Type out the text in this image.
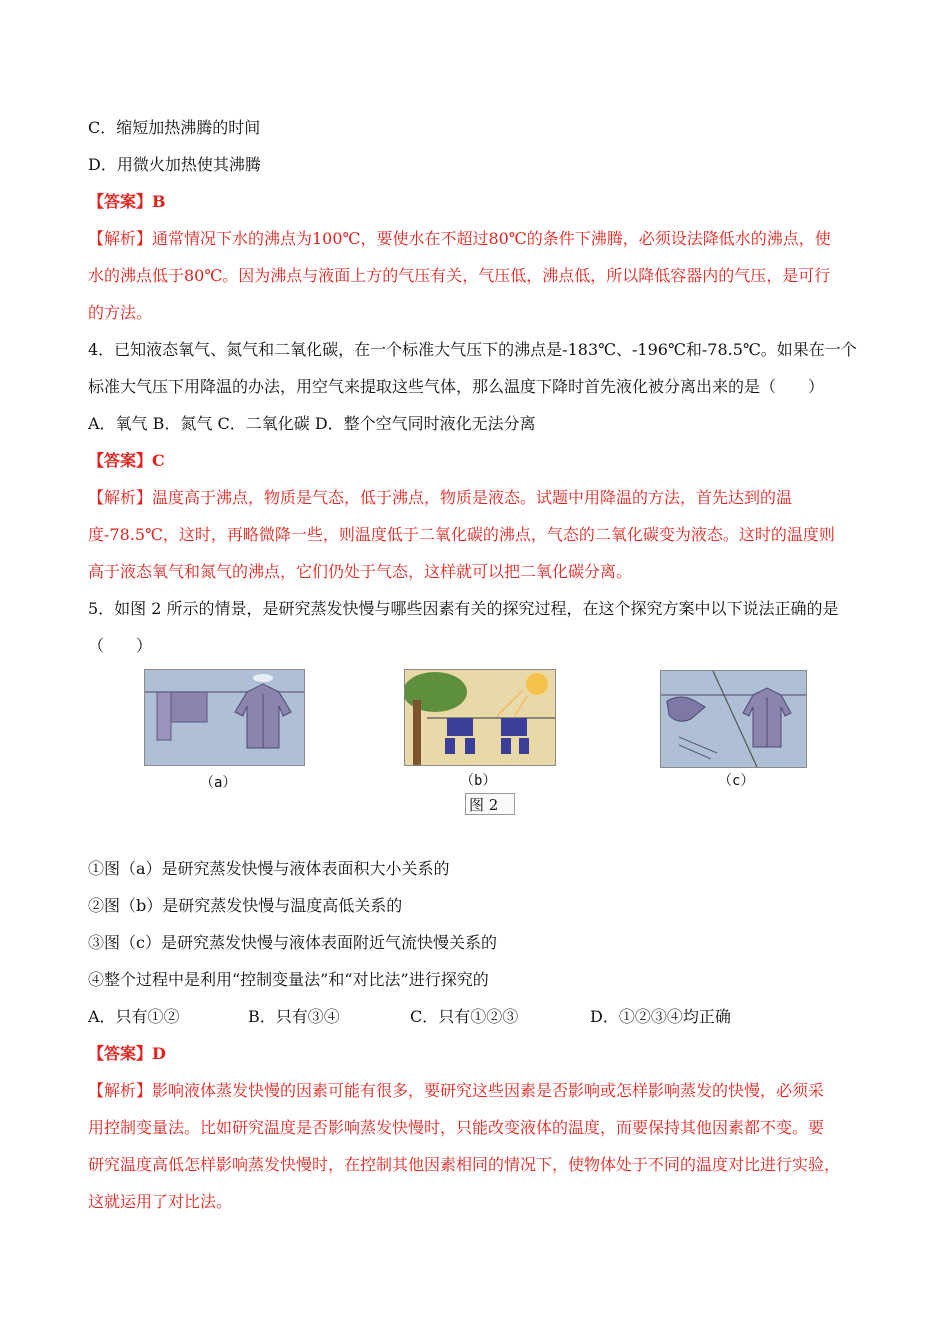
C．缩短加热沸腾的时间
D．用微火加热使其沸腾
【答案】B
【解析】通常情况下水的沸点为100℃，要使水在不超过80℃的条件下沸腾，必须设法降低水的沸点，使
水的沸点低于80℃。因为沸点与液面上方的气压有关，气压低，沸点低，所以降低容器内的气压，是可行
的方法。
4．已知液态氧气、氮气和二氧化碳，在一个标准大气压下的沸点是-183℃、-196℃和-78.5℃。如果在一个
标准大气压下用降温的办法，用空气来提取这些气体，那么温度下降时首先液化被分离出来的是（　　）
A．氧气 B．氮气 C．二氧化碳 D．整个空气同时液化无法分离
【答案】C
【解析】温度高于沸点，物质是气态，低于沸点，物质是液态。试题中用降温的方法，首先达到的温
度-78.5℃，这时，再略微降一些，则温度低于二氧化碳的沸点，气态的二氧化碳变为液态。这时的温度则
高于液态氧气和氮气的沸点，它们仍处于气态，这样就可以把二氧化碳分离。
5．如图 2 所示的情景，是研究蒸发快慢与哪些因素有关的探究过程，在这个探究方案中以下说法正确的是
（　　）
（a）	（b）	（c）
图 2
①图（a）是研究蒸发快慢与液体表面积大小关系的
②图（b）是研究蒸发快慢与温度高低关系的
③图（c）是研究蒸发快慢与液体表面附近气流快慢关系的
④整个过程中是利用“控制变量法”和“对比法”进行探究的
A．只有①②	B．只有③④	C．只有①②③	D．①②③④均正确
【答案】D
【解析】影响液体蒸发快慢的因素可能有很多，要研究这些因素是否影响或怎样影响蒸发的快慢，必须采
用控制变量法。比如研究温度是否影响蒸发快慢时，只能改变液体的温度，而要保持其他因素都不变。要
研究温度高低怎样影响蒸发快慢时，在控制其他因素相同的情况下，使物体处于不同的温度对比进行实验，
这就运用了对比法。
